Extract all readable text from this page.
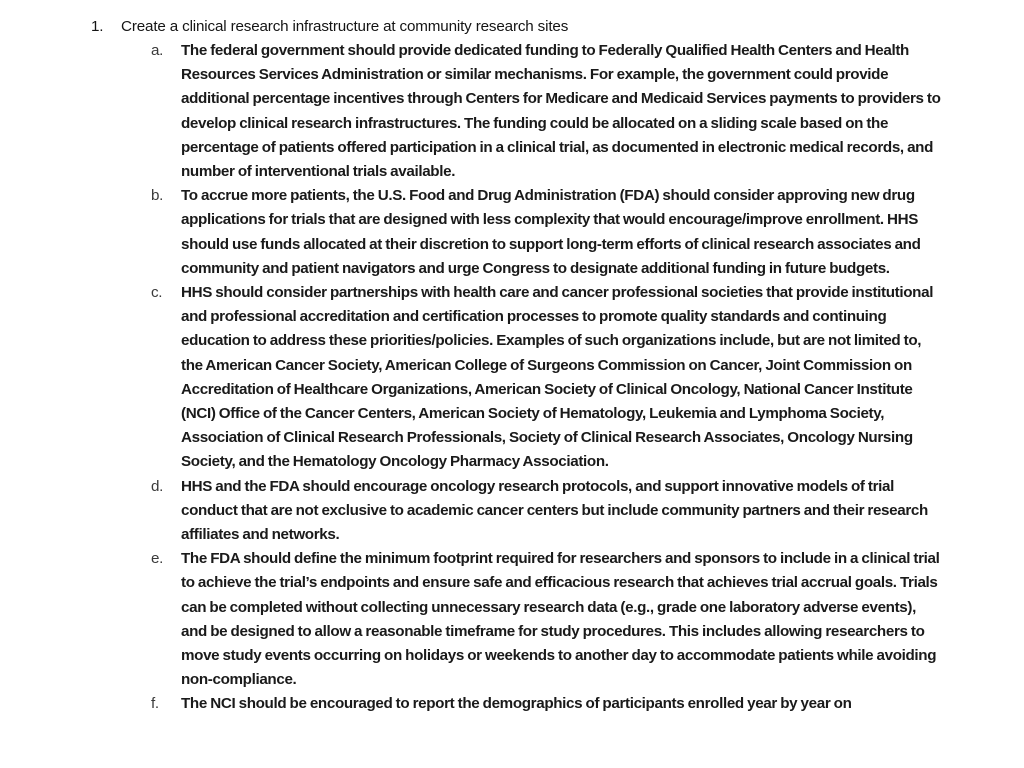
1.	Create a clinical research infrastructure at community research sites
a.	The federal government should provide dedicated funding to Federally Qualified Health Centers and Health Resources Services Administration or similar mechanisms. For example, the government could provide additional percentage incentives through Centers for Medicare and Medicaid Services payments to providers to develop clinical research infrastructures. The funding could be allocated on a sliding scale based on the percentage of patients offered participation in a clinical trial, as documented in electronic medical records, and number of interventional trials available.
b.	To accrue more patients, the U.S. Food and Drug Administration (FDA) should consider approving new drug applications for trials that are designed with less complexity that would encourage/improve enrollment. HHS should use funds allocated at their discretion to support long-term efforts of clinical research associates and community and patient navigators and urge Congress to designate additional funding in future budgets.
c.	HHS should consider partnerships with health care and cancer professional societies that provide institutional and professional accreditation and certification processes to promote quality standards and continuing education to address these priorities/policies. Examples of such organizations include, but are not limited to, the American Cancer Society, American College of Surgeons Commission on Cancer, Joint Commission on Accreditation of Healthcare Organizations, American Society of Clinical Oncology, National Cancer Institute (NCI) Office of the Cancer Centers, American Society of Hematology, Leukemia and Lymphoma Society, Association of Clinical Research Professionals, Society of Clinical Research Associates, Oncology Nursing Society, and the Hematology Oncology Pharmacy Association.
d.	HHS and the FDA should encourage oncology research protocols, and support innovative models of trial conduct that are not exclusive to academic cancer centers but include community partners and their research affiliates and networks.
e.	The FDA should define the minimum footprint required for researchers and sponsors to include in a clinical trial to achieve the trial’s endpoints and ensure safe and efficacious research that achieves trial accrual goals. Trials can be completed without collecting unnecessary research data (e.g., grade one laboratory adverse events), and be designed to allow a reasonable timeframe for study procedures. This includes allowing researchers to move study events occurring on holidays or weekends to another day to accommodate patients while avoiding non-compliance.
f.	The NCI should be encouraged to report the demographics of participants enrolled year by year on
